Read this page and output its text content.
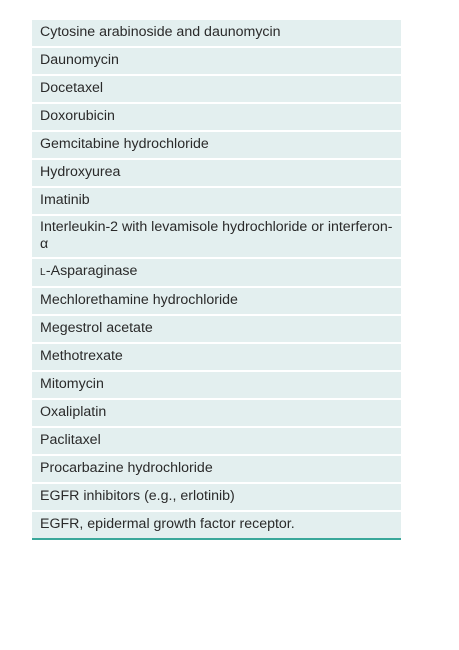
Cytosine arabinoside and daunomycin
Daunomycin
Docetaxel
Doxorubicin
Gemcitabine hydrochloride
Hydroxyurea
Imatinib
Interleukin-2 with levamisole hydrochloride or interferon-α
L-Asparaginase
Mechlorethamine hydrochloride
Megestrol acetate
Methotrexate
Mitomycin
Oxaliplatin
Paclitaxel
Procarbazine hydrochloride
EGFR inhibitors (e.g., erlotinib)
EGFR, epidermal growth factor receptor.
